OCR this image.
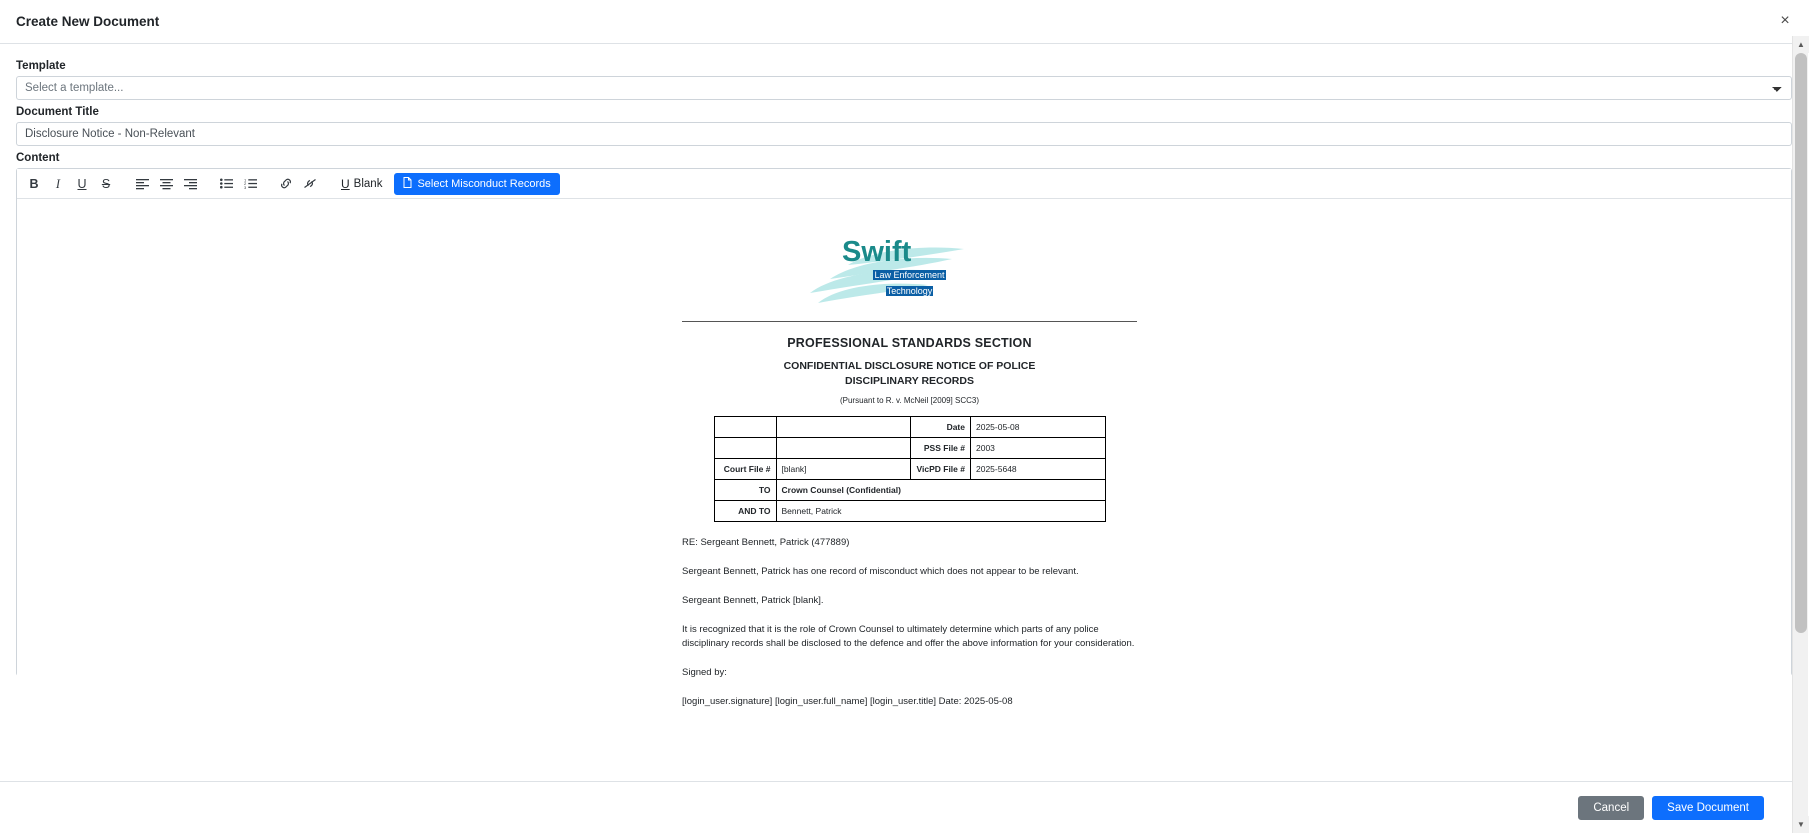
Create New Document	×
Template
Select a template...
Document Title
Disclosure Notice - Non-Relevant
Content
B	I	U	S	1
2
3	U Blank	Select Misconduct Records
Swift
Law Enforcement
Technology
PROFESSIONAL STANDARDS SECTION
CONFIDENTIAL DISCLOSURE NOTICE OF POLICE
DISCIPLINARY RECORDS
(Pursuant to R. v. McNeil [2009] SCC3)
		Date	2025-05-08
		PSS File #	2003
Court File #	[blank]	VicPD File #	2025-5648
TO	Crown Counsel (Confidential)		
AND TO	Bennett, Patrick		

RE: Sergeant Bennett, Patrick (477889)

Sergeant Bennett, Patrick has one record of misconduct which does not appear to be relevant.

Sergeant Bennett, Patrick [blank].

It is recognized that it is the role of Crown Counsel to ultimately determine which parts of any police disciplinary records shall be disclosed to the defence and offer the above information for your consideration.

Signed by:

[login_user.signature] [login_user.full_name] [login_user.title] Date: 2025-05-08

Cancel	Save Document
▲
▼
